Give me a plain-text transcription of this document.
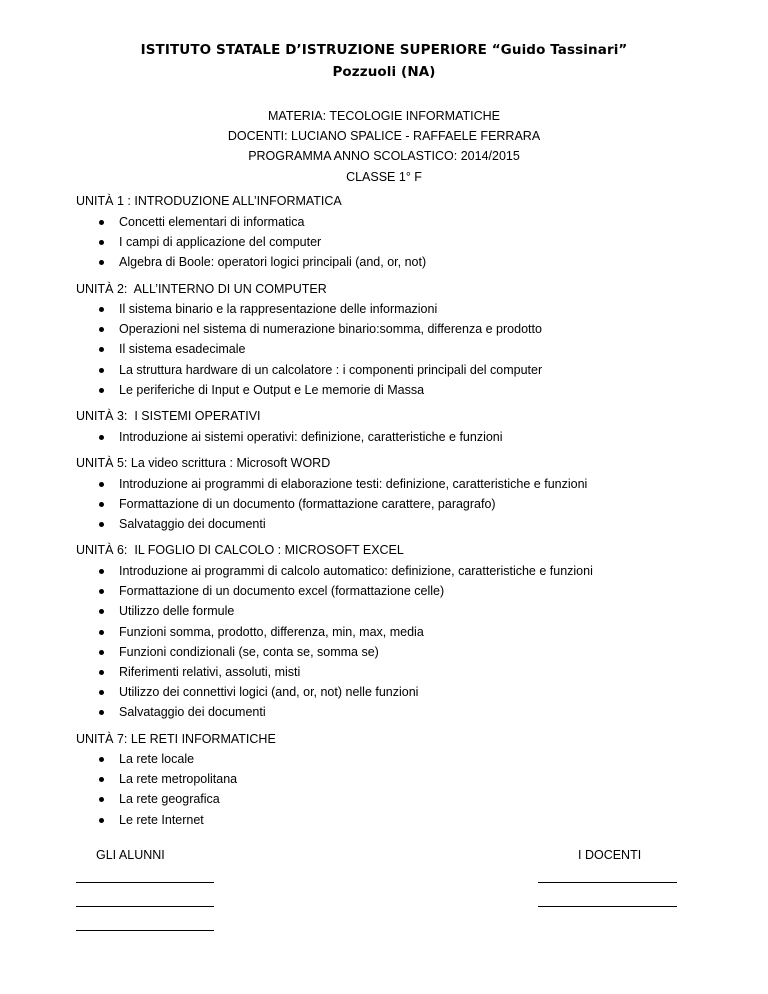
ISTITUTO STATALE D’ISTRUZIONE SUPERIORE “Guido Tassinari”
Pozzuoli (NA)
MATERIA: TECOLOGIE INFORMATICHE
DOCENTI: LUCIANO SPALICE - RAFFAELE FERRARA
PROGRAMMA ANNO SCOLASTICO: 2014/2015
CLASSE 1° F
UNITÀ 1 : INTRODUZIONE ALL’INFORMATICA
Concetti elementari di informatica
I campi di applicazione del computer
Algebra di Boole: operatori logici principali (and, or, not)
UNITÀ 2:  ALL’INTERNO DI UN COMPUTER
Il sistema binario e la rappresentazione delle informazioni
Operazioni nel sistema di numerazione binario:somma, differenza e prodotto
Il sistema esadecimale
La struttura hardware di un calcolatore : i componenti principali del computer
Le periferiche di Input e Output e Le memorie di Massa
UNITÀ 3:  I SISTEMI OPERATIVI
Introduzione ai sistemi operativi: definizione, caratteristiche e funzioni
UNITÀ 5: La video scrittura : Microsoft WORD
Introduzione ai programmi di elaborazione testi: definizione, caratteristiche e funzioni
Formattazione di un documento (formattazione carattere, paragrafo)
Salvataggio dei documenti
UNITÀ 6:  IL FOGLIO DI CALCOLO : MICROSOFT EXCEL
Introduzione ai programmi di calcolo automatico: definizione, caratteristiche e funzioni
Formattazione di un documento excel (formattazione celle)
Utilizzo delle formule
Funzioni somma, prodotto, differenza, min, max, media
Funzioni condizionali (se, conta se, somma se)
Riferimenti relativi, assoluti, misti
Utilizzo dei connettivi logici (and, or, not) nelle funzioni
Salvataggio dei documenti
UNITÀ 7: LE RETI INFORMATICHE
La rete locale
La rete metropolitana
La rete geografica
Le rete Internet
GLI ALUNNI	I DOCENTI
